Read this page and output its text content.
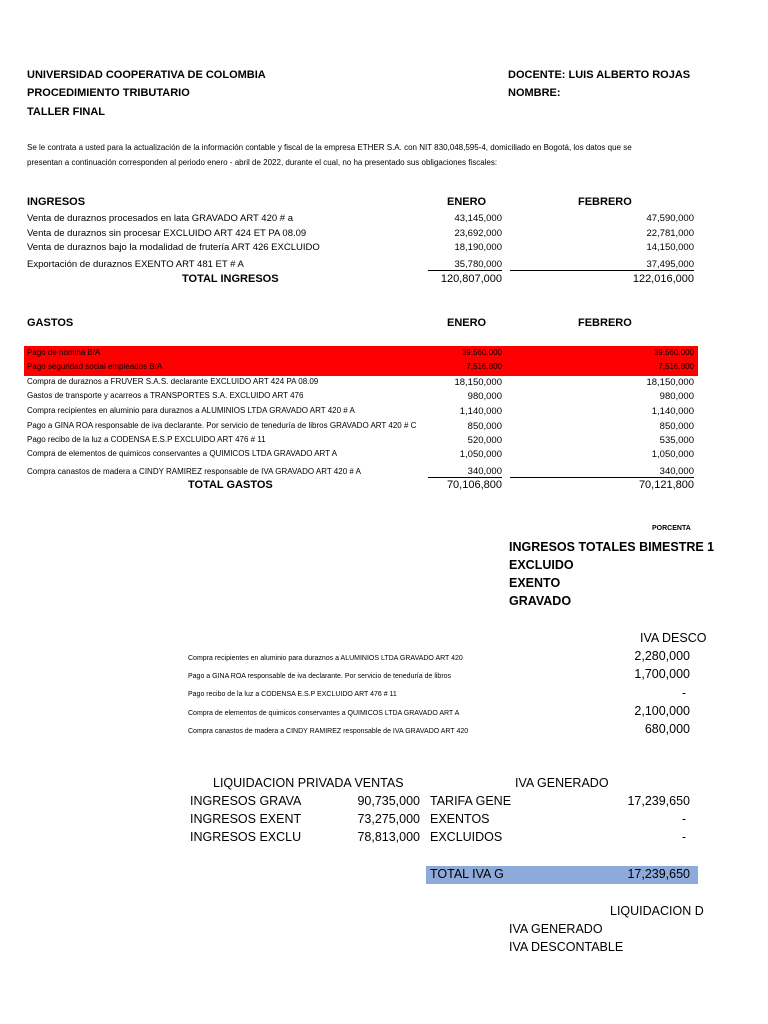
UNIVERSIDAD COOPERATIVA DE COLOMBIA
PROCEDIMIENTO TRIBUTARIO
TALLER FINAL
DOCENTE: LUIS ALBERTO ROJAS
NOMBRE:
Se le contrata a usted para la actualización de la información contable y fiscal de la empresa ETHER S.A. con NIT 830,048,595-4, domiciliado en Bogotá, los datos que se presentan a continuación corresponden al periodo enero - abril de 2022, durante el cual, no ha presentado sus obligaciones fiscales:
INGRESOS	ENERO	FEBRERO
Venta de duraznos procesados en lata GRAVADO ART 420 # a	43,145,000	47,590,000
Venta de duraznos sin procesar EXCLUIDO ART 424 ET PA 08.09	23,692,000	22,781,000
Venta de duraznos bajo la modalidad de frutería ART 426 EXCLUIDO	18,190,000	14,150,000
Exportación de duraznos EXENTO ART 481 ET # A	35,780,000	37,495,000
TOTAL INGRESOS	120,807,000	122,016,000
GASTOS	ENERO	FEBRERO
Pago de nomina B/A	39,560,000	39,560,000
Pago seguridad social empleados B/A	7,516,800	7,516,800
Compra de duraznos a FRUVER S.A.S. declarante EXCLUIDO ART 424 PA 08.09	18,150,000	18,150,000
Gastos de transporte y acarreos a TRANSPORTES S.A. EXCLUIDO ART 476	980,000	980,000
Compra recipientes en aluminio para duraznos a ALUMINIOS LTDA GRAVADO ART 420 # A	1,140,000	1,140,000
Pago a GINA ROA responsable de iva declarante. Por servicio de teneduría de libros GRAVADO ART 420 # C	850,000	850,000
Pago recibo de la luz a CODENSA E.S.P EXCLUIDO ART 476 # 11	520,000	535,000
Compra de elementos de quimicos conservantes a QUIMICOS LTDA GRAVADO ART A	1,050,000	1,050,000
Compra canastos de madera a CINDY RAMIREZ responsable de IVA GRAVADO ART 420 # A	340,000	340,000
TOTAL GASTOS	70,106,800	70,121,800
PORCENTA
INGRESOS TOTALES BIMESTRE 1
EXCLUIDO
EXENTO
GRAVADO
IVA DESCO
Compra recipientes en aluminio para duraznos a ALUMINIOS LTDA GRAVADO ART 420	2,280,000
Pago a GINA ROA responsable de iva declarante. Por servicio de teneduría de libros	1,700,000
Pago recibo de la luz a CODENSA E.S.P EXCLUIDO ART 476 # 11	-
Compra de elementos de quimicos conservantes a QUIMICOS LTDA GRAVADO ART A	2,100,000
Compra canastos de madera a CINDY RAMIREZ responsable de IVA GRAVADO ART 420	680,000
LIQUIDACION PRIVADA VENTAS	IVA GENERADO
INGRESOS GRAVA	90,735,000 TARIFA GENE	17,239,650
INGRESOS EXENT	73,275,000 EXENTOS	-
INGRESOS EXCLU	78,813,000 EXCLUIDOS	-
TOTAL IVA G	17,239,650
LIQUIDACION D
IVA GENERADO
IVA DESCONTABLE
